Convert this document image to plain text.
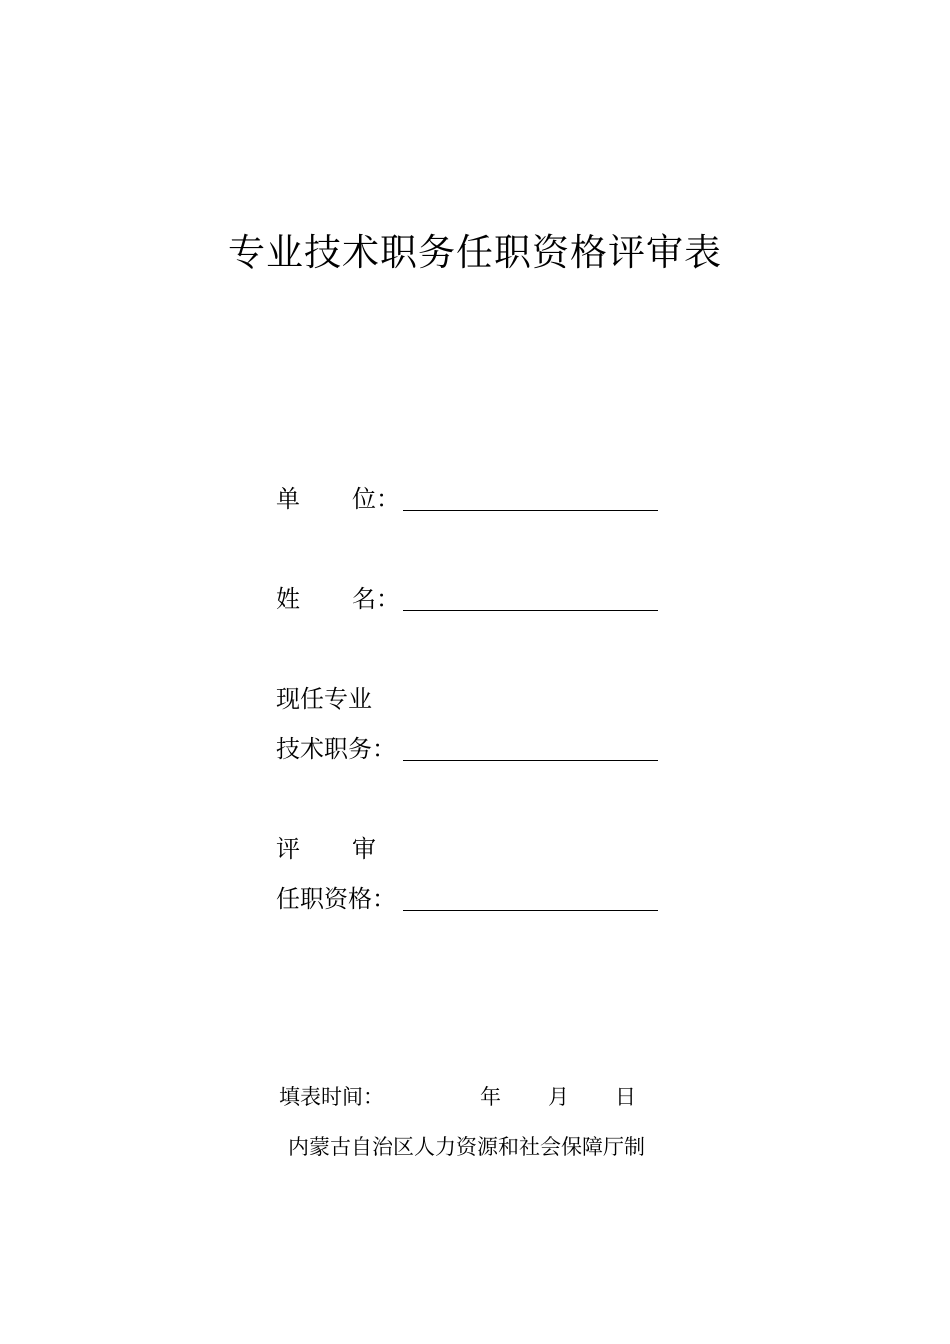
专业技术职务任职资格评审表
单位：
姓名：
现任专业
技术职务：
评审
任职资格：
填表时间：	年 月 日
内蒙古自治区人力资源和社会保障厅制
